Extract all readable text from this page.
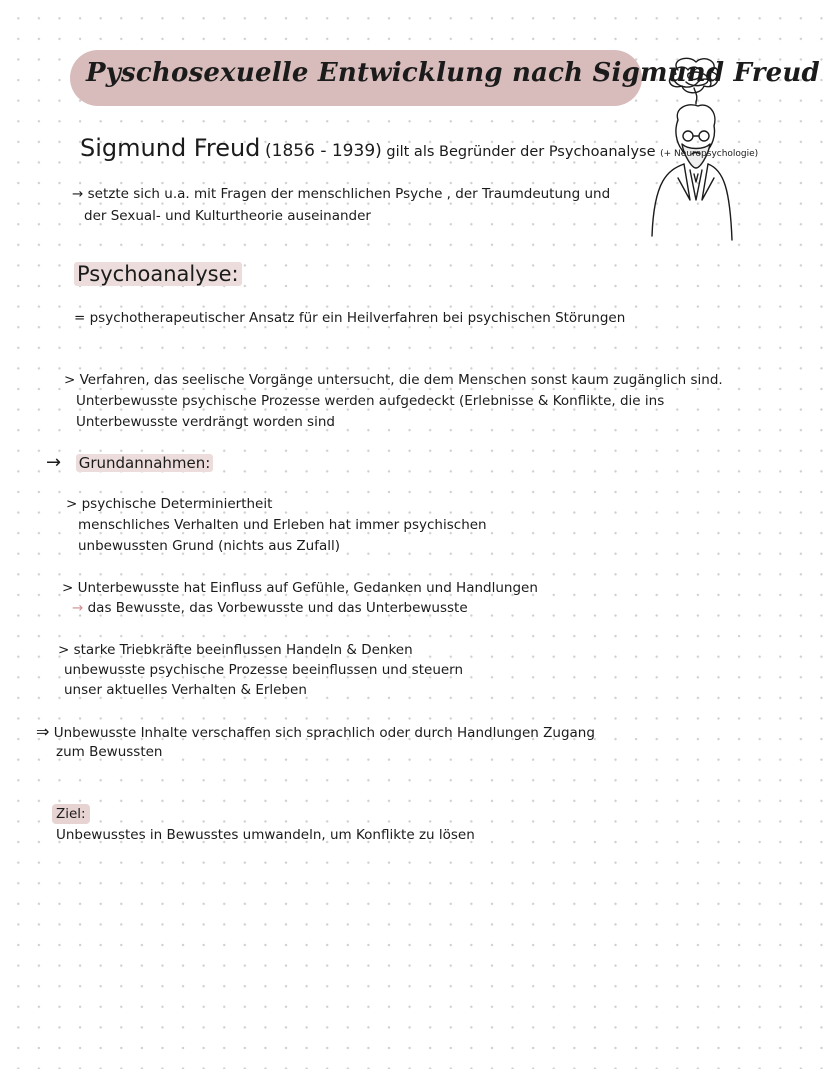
Pyschosexuelle Entwicklung nach Sigmund Freud
Sigmund Freud (1856 - 1939) gilt als Begründer der Psychoanalyse (+ Neuropsychologie)
→ setzte sich u.a. mit Fragen der menschlichen Psyche , der Traumdeutung und
der Sexual- und Kulturtheorie auseinander
Psychoanalyse:
= psychotherapeutischer Ansatz für ein Heilverfahren bei psychischen Störungen
> Verfahren, das seelische Vorgänge untersucht, die dem Menschen sonst kaum zugänglich sind.
Unterbewusste psychische Prozesse werden aufgedeckt (Erlebnisse & Konflikte, die ins
Unterbewusste verdrängt worden sind
→ Grundannahmen:
> psychische Determiniertheit
menschliches Verhalten und Erleben hat immer psychischen
unbewussten Grund (nichts aus Zufall)
> Unterbewusste hat Einfluss auf Gefühle, Gedanken und Handlungen
→ das Bewusste, das Vorbewusste und das Unterbewusste
> starke Triebkräfte beeinflussen Handeln & Denken
unbewusste psychische Prozesse beeinflussen und steuern
unser aktuelles Verhalten & Erleben
⇒ Unbewusste Inhalte verschaffen sich sprachlich oder durch Handlungen Zugang
zum Bewussten
Ziel:
Unbewusstes in Bewusstes umwandeln, um Konflikte zu lösen
